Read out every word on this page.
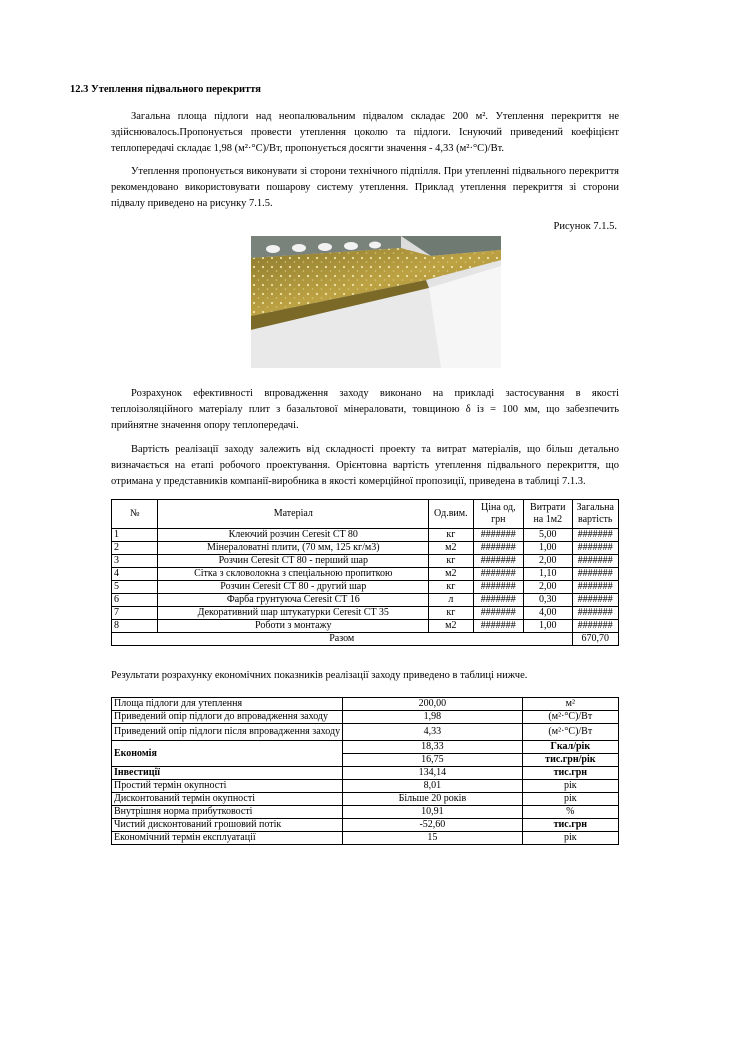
12.3 Утеплення підвального перекриття

Загальна площа підлоги над неопалювальним підвалом складає 200 м². Утеплення перекриття не здійснювалось.Пропонується провести утеплення цоколю та підлоги. Існуючий приведений коефіцієнт теплопередачі складає 1,98 (м²·°С)/Вт, пропонується досягти значення - 4,33 (м²·°С)/Вт.

Утеплення пропонується виконувати зі сторони технічного підпілля. При утепленні підвального перекриття рекомендовано використовувати пошарову систему утеплення. Приклад утеплення перекриття зі сторони підвалу приведено на рисунку 7.1.5.

Рисунок 7.1.5.

Розрахунок ефективності впровадження заходу виконано на прикладі застосування в якості теплоізоляційного матеріалу плит з базальтової мінераловати, товщиною δ із = 100 мм, що забезпечить прийнятне значення опору теплопередачі.

Вартість реалізації заходу залежить від складності проекту та витрат матеріалів, що більш детально визначається на етапі робочого проектування. Орієнтовна вартість утеплення підвального перекриття, що отримана у представників компанії-виробника в якості комерційної пропозиції, приведена в таблиці 7.1.3.

№	Матеріал	Од.вим.	Ціна од, грн	Витрати на 1м2	Загальна вартість
1	Клеючий розчин Ceresit CT 80	кг	#######	5,00	#######
2	Мінераловатні плити, (70 мм, 125 кг/м3)	м2	#######	1,00	#######
3	Розчин Ceresit CT 80 - перший шар	кг	#######	2,00	#######
4	Сітка з скловолокна з спеціальною пропиткою	м2	#######	1,10	#######
5	Розчин Ceresit CT 80 - другий шар	кг	#######	2,00	#######
6	Фарба грунтуюча Ceresit CT 16	л	#######	0,30	#######
7	Декоративний шар штукатурки Ceresit CT 35	кг	#######	4,00	#######
8	Роботи з монтажу	м2	#######	1,00	#######
Разом					670,70
Результати розрахунку економічних показників реалізації заходу приведено в таблиці нижче.
Площа підлоги для утеплення	200,00	м²
Приведений опір підлоги до впровадження заходу	1,98	(м²·°С)/Вт
Приведений опір підлоги після впровадження заходу	4,33	(м²·°С)/Вт
Економія	18,33	Гкал/рік
	16,75	тис.грн/рік
Інвестиції	134,14	тис.грн
Простий термін окупності	8,01	рік
Дисконтований термін окупності	Більше 20 років	рік
Внутрішня норма прибутковості	10,91	%
Чистий дисконтований грошовий потік	-52,60	тис.грн
Економічний термін експлуатації	15	рік
